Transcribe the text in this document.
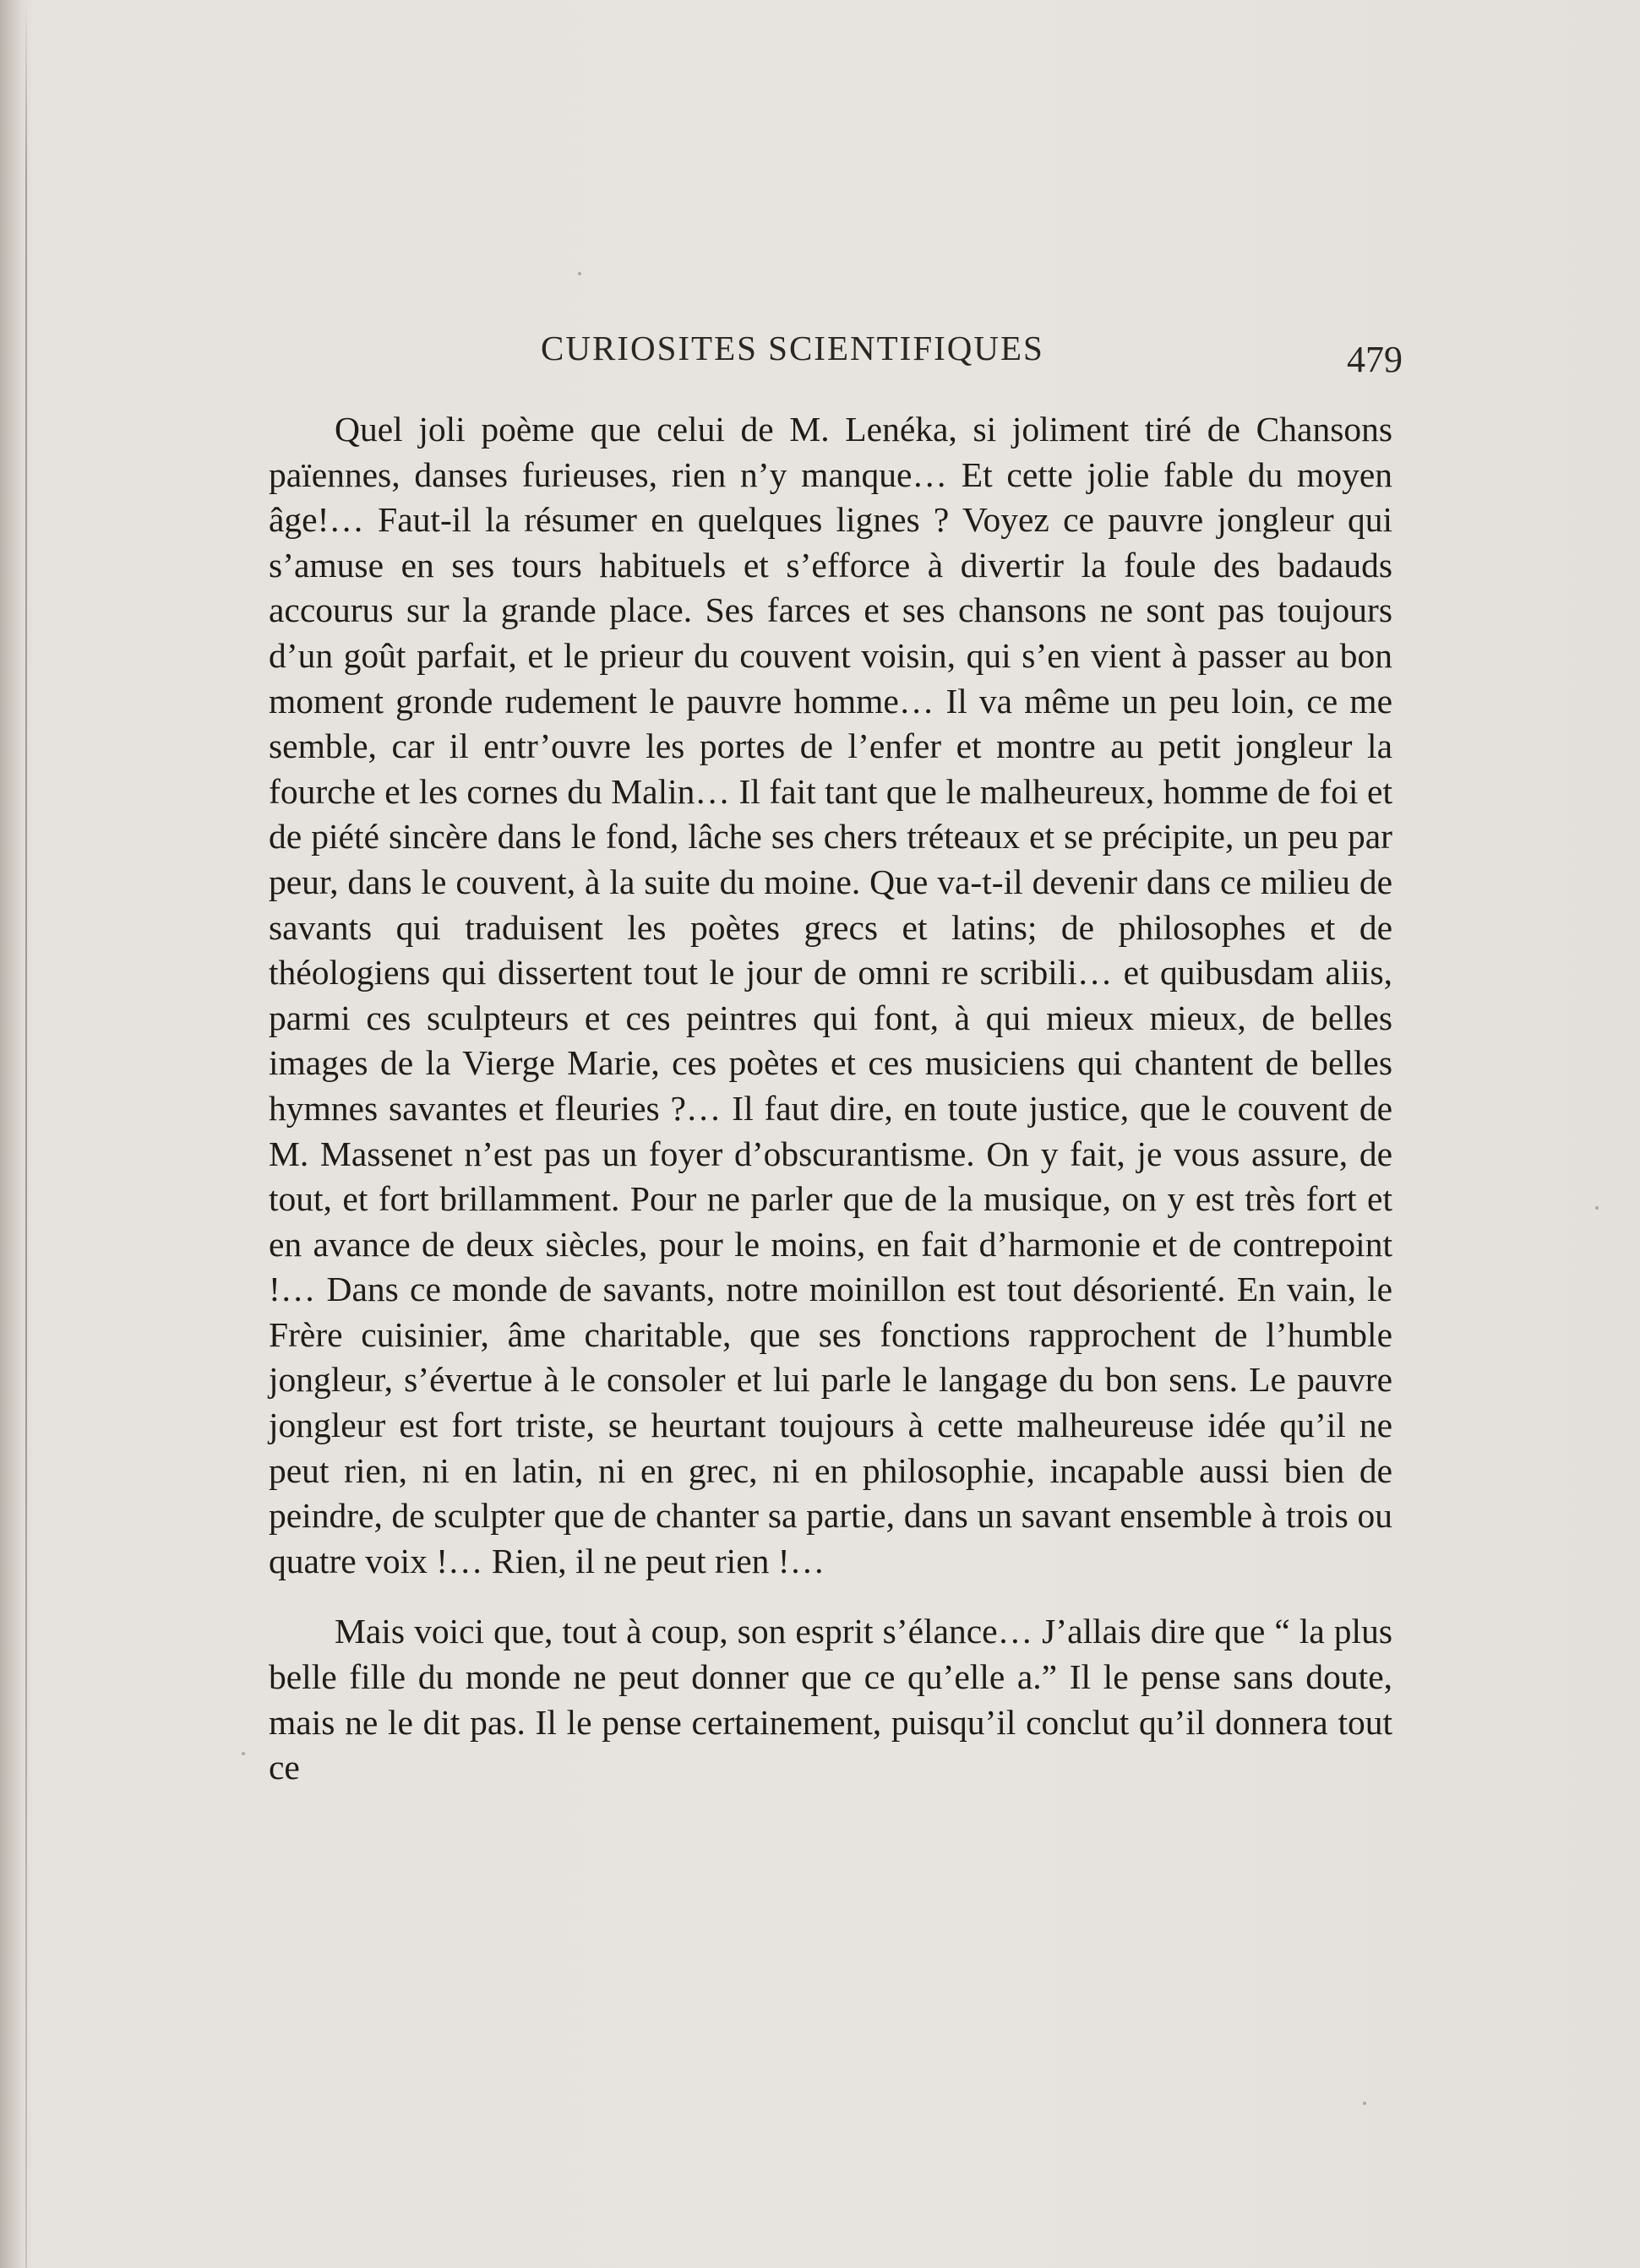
CURIOSITES SCIENTIFIQUES	479

Quel joli poème que celui de M. Lenéka, si joliment tiré de Chansons païennes, danses furieuses, rien n’y manque… Et cette jolie fable du moyen âge!… Faut-il la résumer en quelques lignes ? Voyez ce pauvre jongleur qui s’amuse en ses tours habituels et s’efforce à divertir la foule des badauds accourus sur la grande place. Ses farces et ses chansons ne sont pas toujours d’un goût parfait, et le prieur du couvent voisin, qui s’en vient à passer au bon moment gronde rudement le pauvre homme… Il va même un peu loin, ce me semble, car il entr’ouvre les portes de l’enfer et montre au petit jongleur la fourche et les cornes du Malin… Il fait tant que le malheureux, homme de foi et de piété sincère dans le fond, lâche ses chers tréteaux et se précipite, un peu par peur, dans le couvent, à la suite du moine. Que va-t-il devenir dans ce milieu de savants qui traduisent les poètes grecs et latins; de philosophes et de théologiens qui dissertent tout le jour de omni re scribili… et quibusdam aliis, parmi ces sculpteurs et ces peintres qui font, à qui mieux mieux, de belles images de la Vierge Marie, ces poètes et ces musiciens qui chantent de belles hymnes savantes et fleuries ?… Il faut dire, en toute justice, que le couvent de M. Massenet n’est pas un foyer d’obscurantisme. On y fait, je vous assure, de tout, et fort brillamment. Pour ne parler que de la musique, on y est très fort et en avance de deux siècles, pour le moins, en fait d’harmonie et de contrepoint !… Dans ce monde de savants, notre moinillon est tout désorienté. En vain, le Frère cuisinier, âme charitable, que ses fonctions rapprochent de l’humble jongleur, s’évertue à le consoler et lui parle le langage du bon sens. Le pauvre jongleur est fort triste, se heurtant toujours à cette malheureuse idée qu’il ne peut rien, ni en latin, ni en grec, ni en philosophie, incapable aussi bien de peindre, de sculpter que de chanter sa partie, dans un savant ensemble à trois ou quatre voix !… Rien, il ne peut rien !…

Mais voici que, tout à coup, son esprit s’élance… J’allais dire que “ la plus belle fille du monde ne peut donner que ce qu’elle a.” Il le pense sans doute, mais ne le dit pas. Il le pense certainement, puisqu’il conclut qu’il donnera tout ce
